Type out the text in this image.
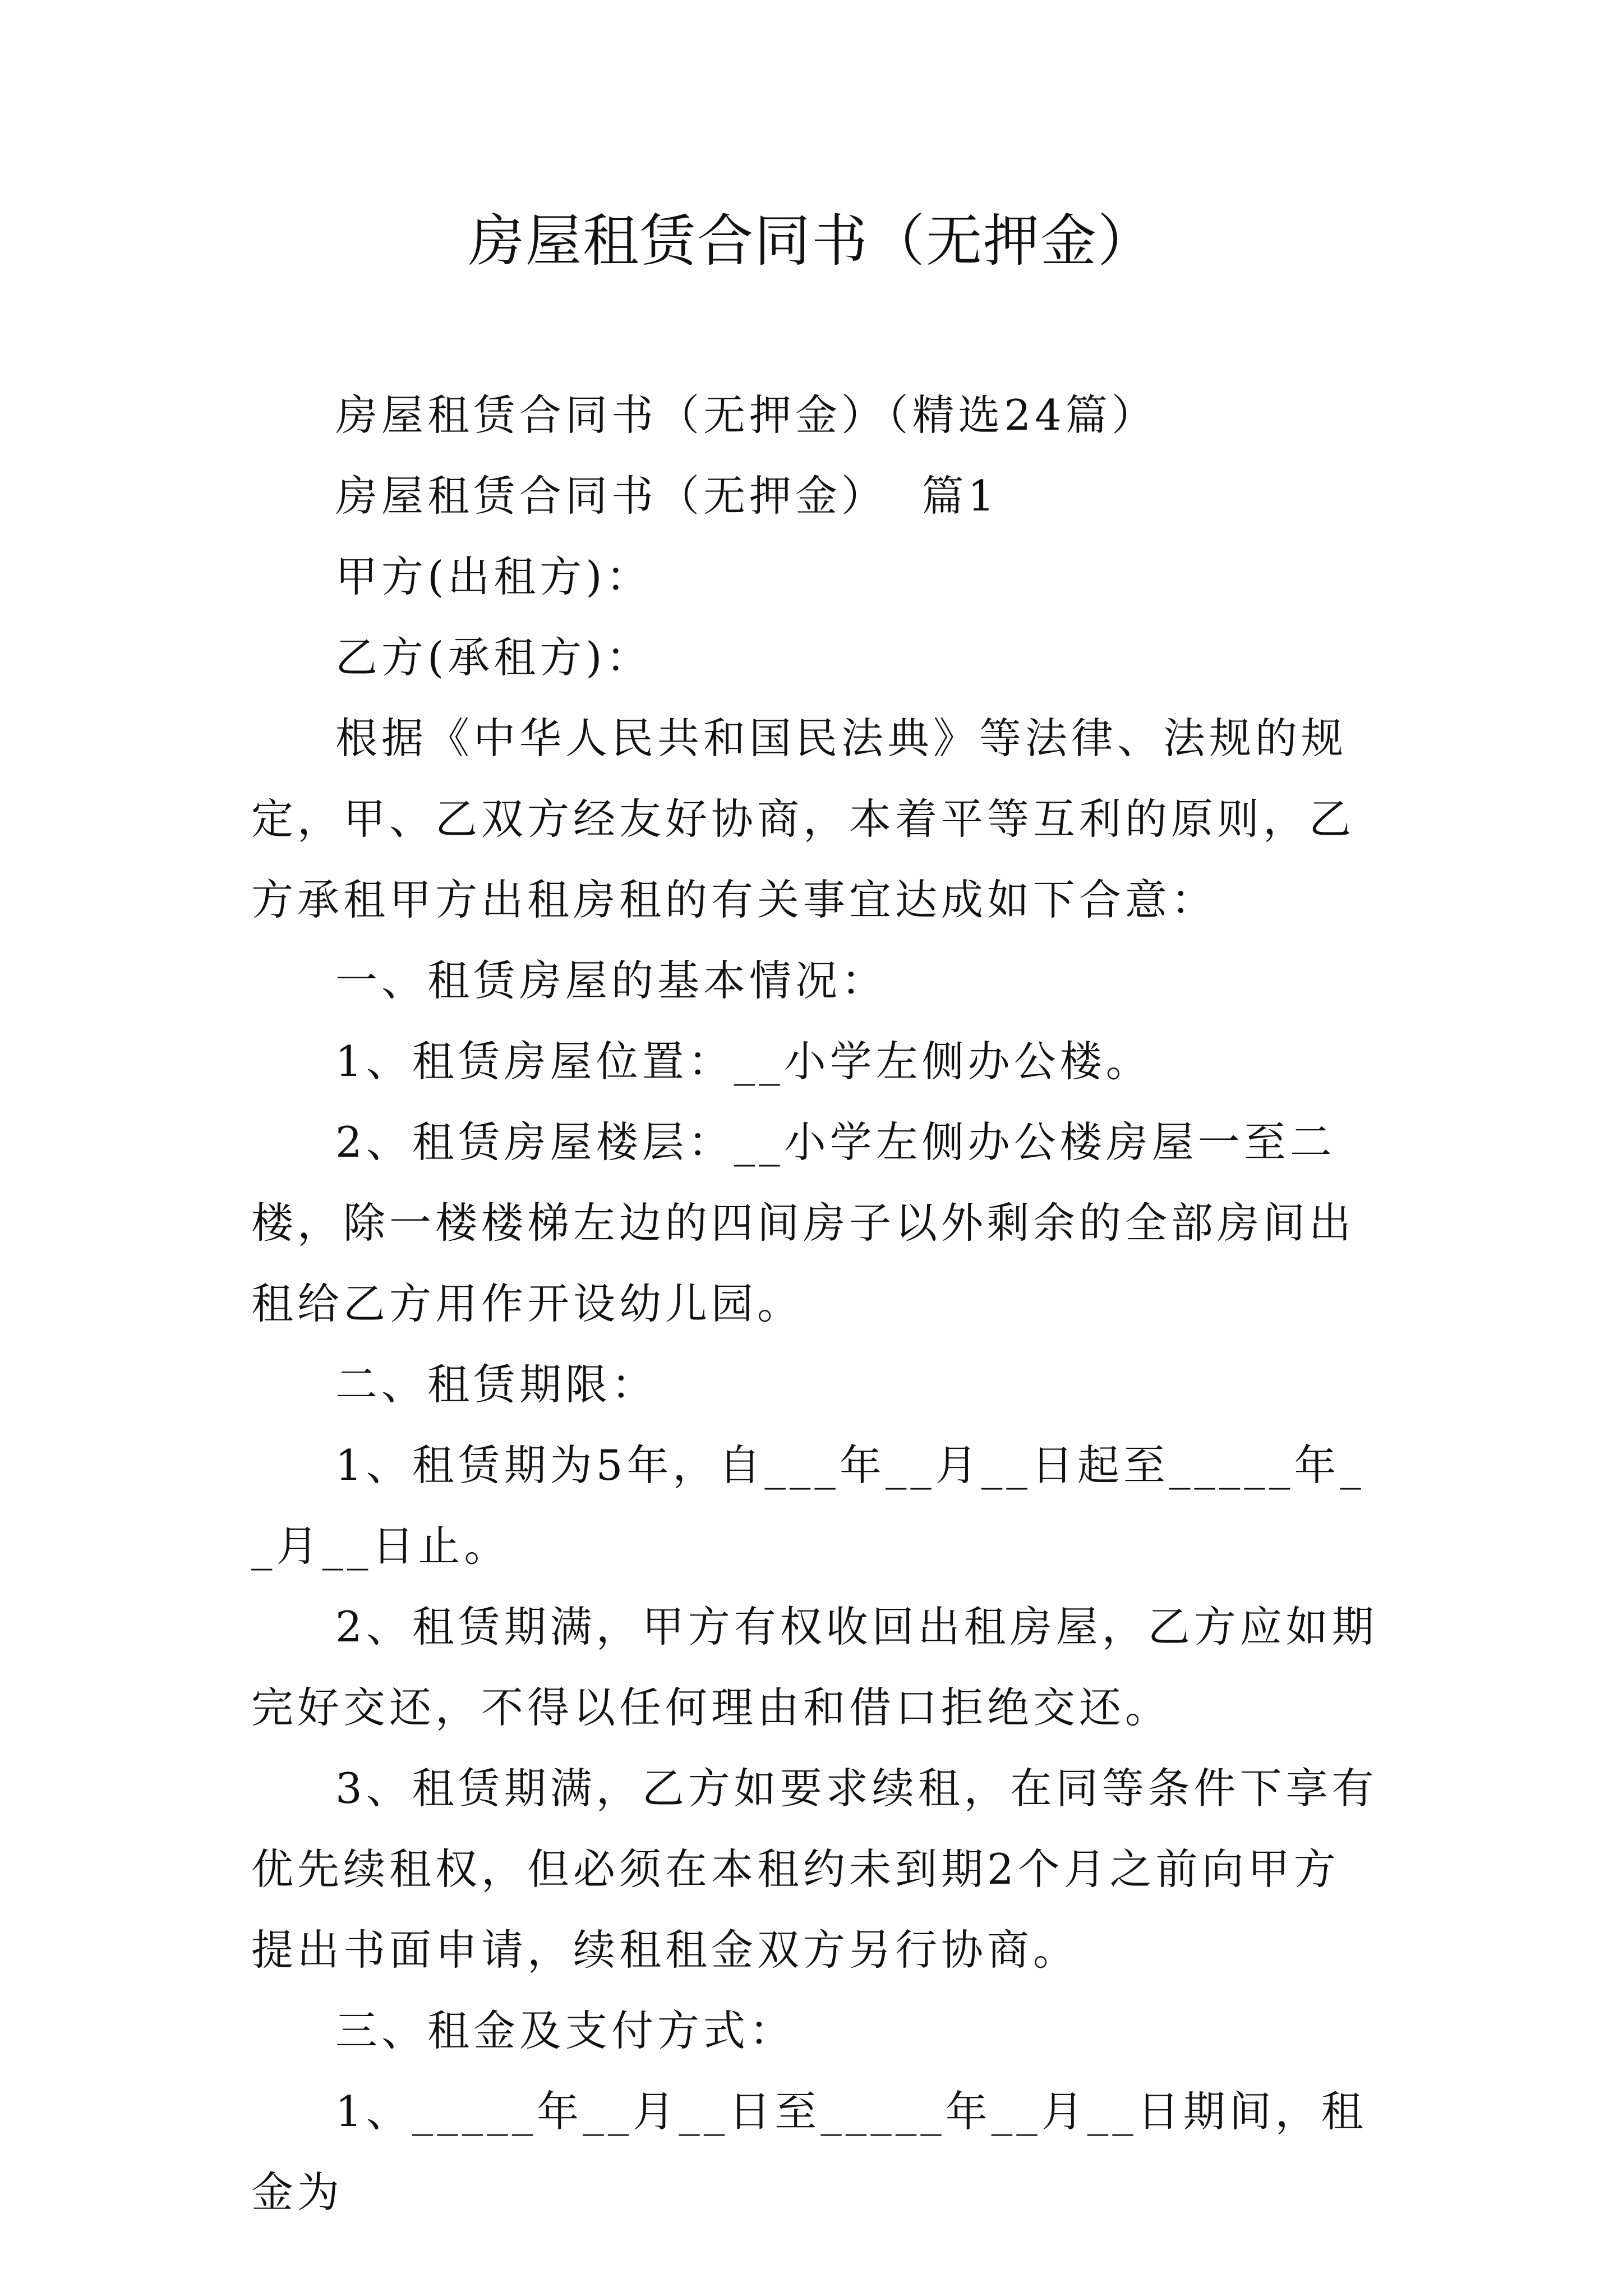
房屋租赁合同书（无押金）

房屋租赁合同书（无押金）（精选24篇）

房屋租赁合同书（无押金）  篇1

甲方(出租方)：

乙方(承租方)：

根据《中华人民共和国民法典》等法律、法规的规定，甲、乙双方经友好协商，本着平等互利的原则，乙方承租甲方出租房租的有关事宜达成如下合意：

一、租赁房屋的基本情况：

1、租赁房屋位置：__小学左侧办公楼。

2、租赁房屋楼层：__小学左侧办公楼房屋一至二楼，除一楼楼梯左边的四间房子以外剩余的全部房间出租给乙方用作开设幼儿园。

二、租赁期限：

1、租赁期为5年，自___年__月__日起至_____年__月__日止。

2、租赁期满，甲方有权收回出租房屋，乙方应如期完好交还，不得以任何理由和借口拒绝交还。

3、租赁期满，乙方如要求续租，在同等条件下享有优先续租权，但必须在本租约未到期2个月之前向甲方提出书面申请，续租租金双方另行协商。

三、租金及支付方式：

1、_____年__月__日至_____年__月__日期间，租金为
